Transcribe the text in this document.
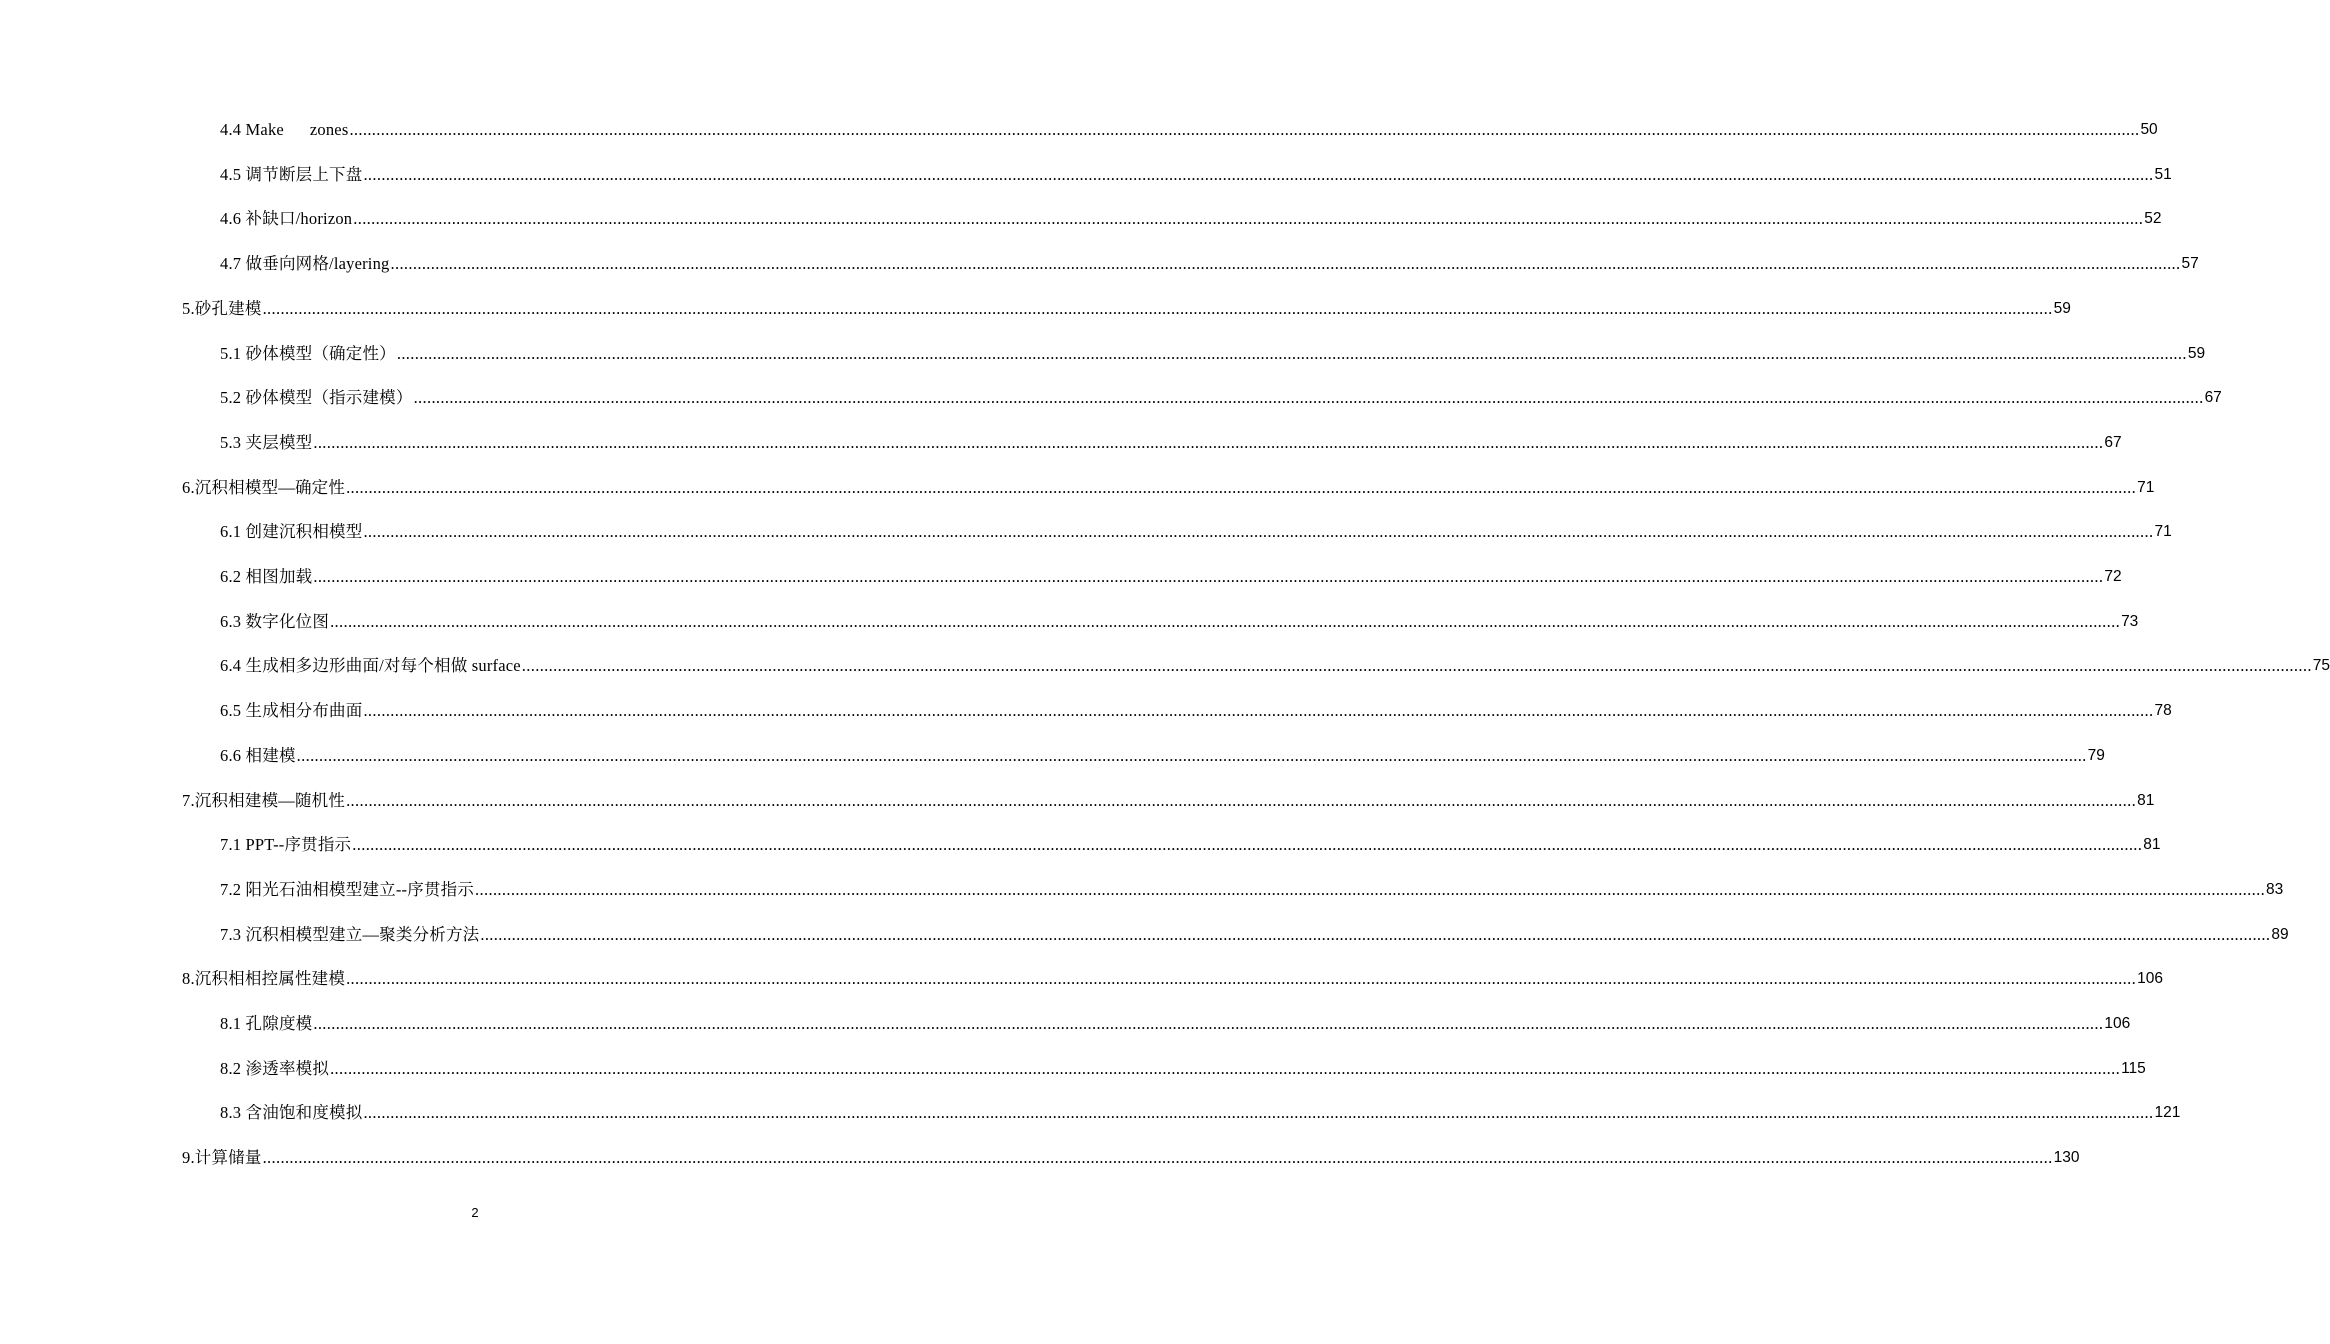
4.4 Make      zones ................................................................................................................................................................................................................................................................................................................................................................................................................ 50
4.5 调节断层上下盘 ................................................................................................................................................................................................................................................................................................................................................................................................................ 51
4.6 补缺口/horizon ................................................................................................................................................................................................................................................................................................................................................................................................................ 52
4.7 做垂向网格/layering ................................................................................................................................................................................................................................................................................................................................................................................................................ 57
5.砂孔建模 ................................................................................................................................................................................................................................................................................................................................................................................................................ 59
5.1 砂体模型（确定性） ................................................................................................................................................................................................................................................................................................................................................................................................................ 59
5.2 砂体模型（指示建模） ................................................................................................................................................................................................................................................................................................................................................................................................................ 67
5.3 夹层模型 ................................................................................................................................................................................................................................................................................................................................................................................................................ 67
6.沉积相模型—确定性 ................................................................................................................................................................................................................................................................................................................................................................................................................ 71
6.1 创建沉积相模型 ................................................................................................................................................................................................................................................................................................................................................................................................................ 71
6.2 相图加载 ................................................................................................................................................................................................................................................................................................................................................................................................................ 72
6.3 数字化位图 ................................................................................................................................................................................................................................................................................................................................................................................................................ 73
6.4 生成相多边形曲面/对每个相做 surface ................................................................................................................................................................................................................................................................................................................................................................................................................ 75
6.5 生成相分布曲面 ................................................................................................................................................................................................................................................................................................................................................................................................................ 78
6.6 相建模 ................................................................................................................................................................................................................................................................................................................................................................................................................ 79
7.沉积相建模—随机性 ................................................................................................................................................................................................................................................................................................................................................................................................................ 81
7.1 PPT--序贯指示 ................................................................................................................................................................................................................................................................................................................................................................................................................ 81
7.2 阳光石油相模型建立--序贯指示 ................................................................................................................................................................................................................................................................................................................................................................................................................ 83
7.3 沉积相模型建立—聚类分析方法 ................................................................................................................................................................................................................................................................................................................................................................................................................ 89
8.沉积相相控属性建模 ................................................................................................................................................................................................................................................................................................................................................................................................................ 106
8.1 孔隙度模 ................................................................................................................................................................................................................................................................................................................................................................................................................ 106
8.2 渗透率模拟 ................................................................................................................................................................................................................................................................................................................................................................................................................ 115
8.3 含油饱和度模拟 ................................................................................................................................................................................................................................................................................................................................................................................................................ 121
9.计算储量 ................................................................................................................................................................................................................................................................................................................................................................................................................ 130
2
